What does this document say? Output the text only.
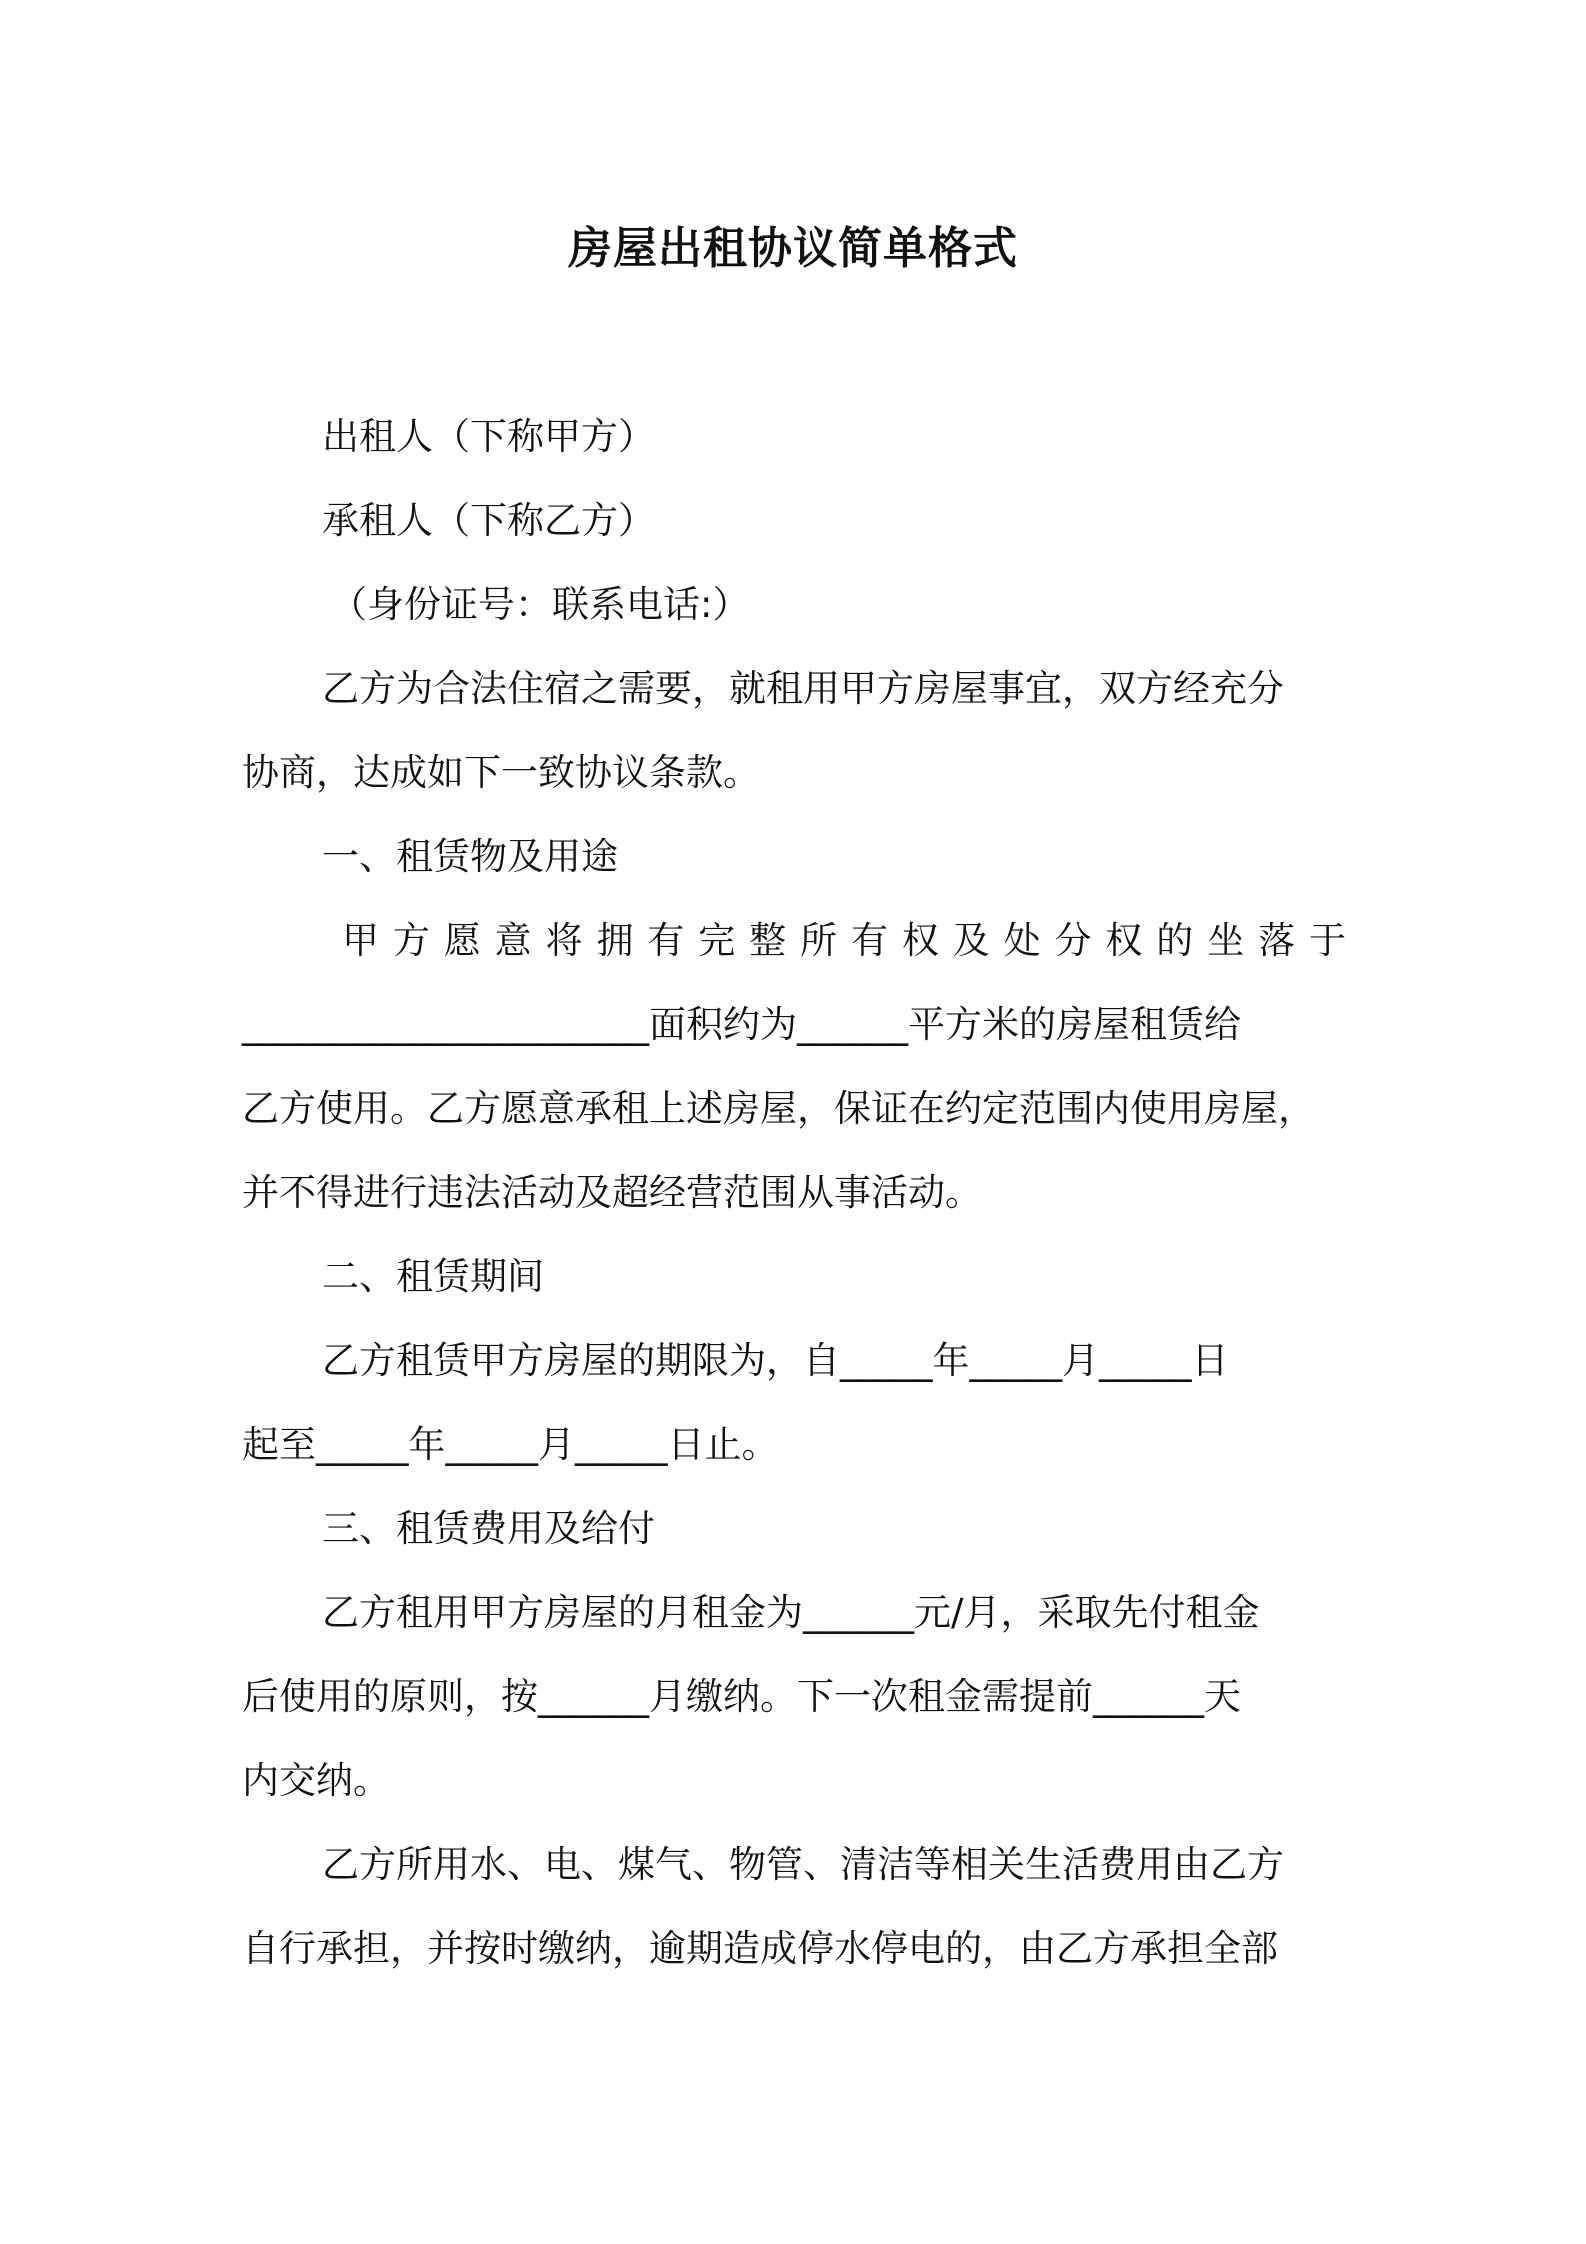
房屋出租协议简单格式
出租人（下称甲方）
承租人（下称乙方）
（身份证号：联系电话:）
乙方为合法住宿之需要，就租用甲方房屋事宜，双方经充分
协商，达成如下一致协议条款。
一、租赁物及用途
甲 方 愿 意 将 拥 有 完 整 所 有 权 及 处 分 权 的 坐 落 于
______________________面积约为______平方米的房屋租赁给
乙方使用。乙方愿意承租上述房屋，保证在约定范围内使用房屋，
并不得进行违法活动及超经营范围从事活动。
二、租赁期间
乙方租赁甲方房屋的期限为，自_____年_____月_____日
起至_____年_____月_____日止。
三、租赁费用及给付
乙方租用甲方房屋的月租金为______元/月，采取先付租金
后使用的原则，按______月缴纳。下一次租金需提前______天
内交纳。
乙方所用水、电、煤气、物管、清洁等相关生活费用由乙方
自行承担，并按时缴纳，逾期造成停水停电的，由乙方承担全部
